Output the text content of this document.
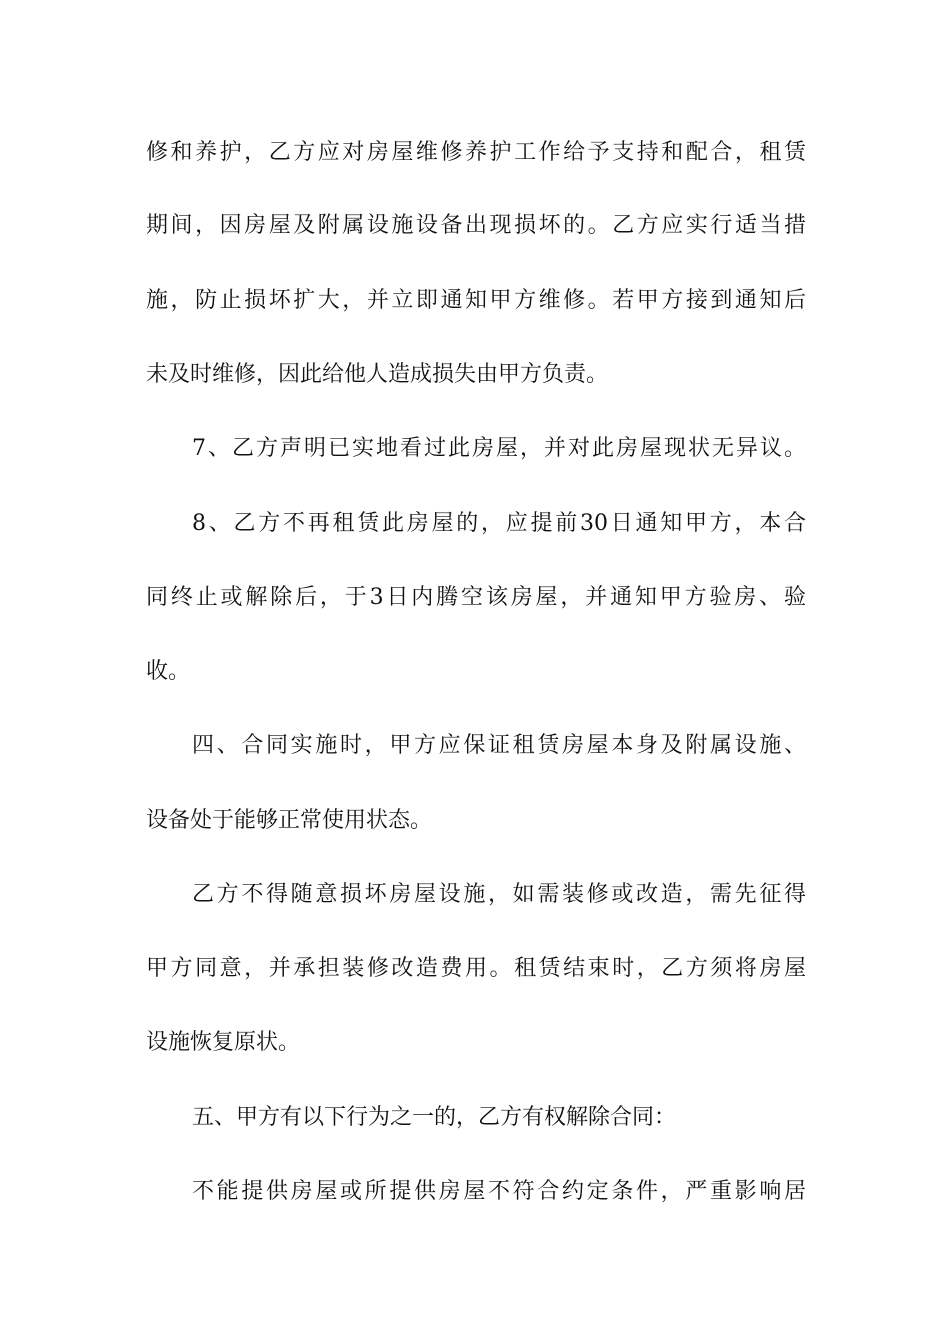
修和养护，乙方应对房屋维修养护工作给予支持和配合，租赁
期间，因房屋及附属设施设备出现损坏的。乙方应实行适当措
施，防止损坏扩大，并立即通知甲方维修。若甲方接到通知后
未及时维修，因此给他人造成损失由甲方负责。
7、乙方声明已实地看过此房屋，并对此房屋现状无异议。
8、乙方不再租赁此房屋的，应提前30日通知甲方，本合
同终止或解除后，于3日内腾空该房屋，并通知甲方验房、验
收。
四、合同实施时，甲方应保证租赁房屋本身及附属设施、
设备处于能够正常使用状态。
乙方不得随意损坏房屋设施，如需装修或改造，需先征得
甲方同意，并承担装修改造费用。租赁结束时，乙方须将房屋
设施恢复原状。
五、甲方有以下行为之一的，乙方有权解除合同：
不能提供房屋或所提供房屋不符合约定条件，严重影响居
